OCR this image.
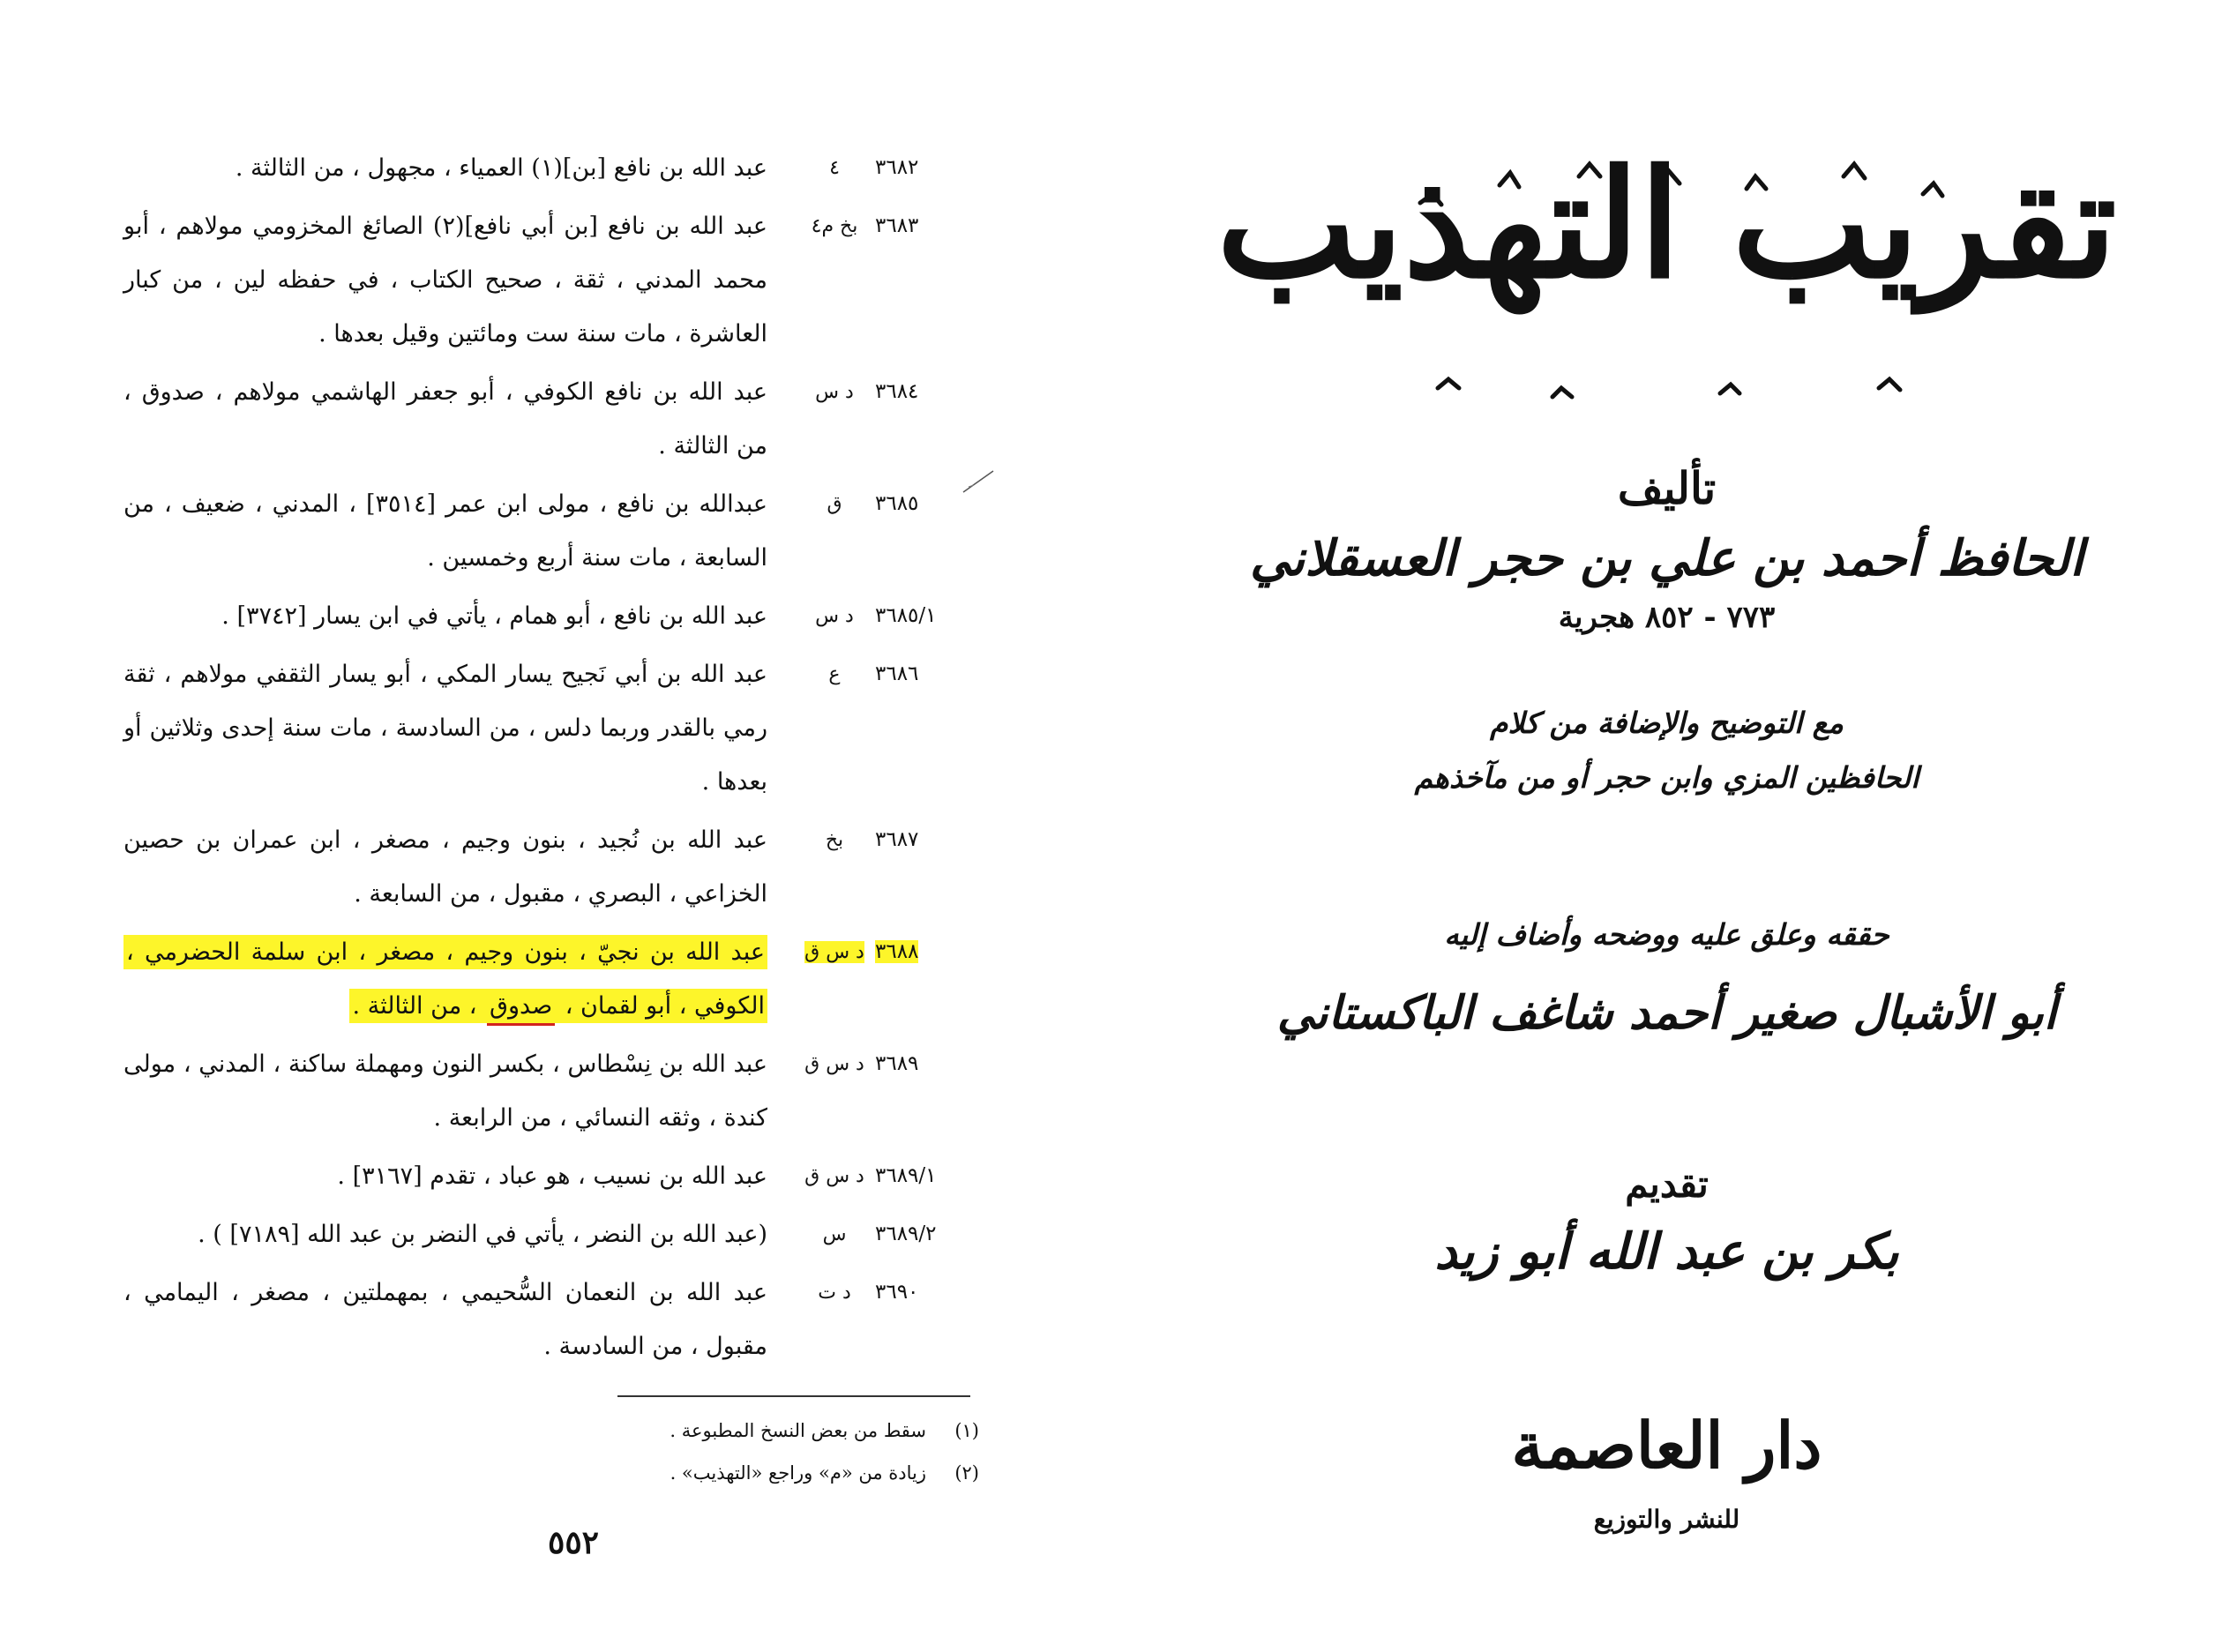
٣٦٨٢
٤
عبد الله بن نافع [بن](١) العمياء ، مجهول ، من الثالثة .
٣٦٨٣
بخ م٤
عبد الله بن نافع [بن أبي نافع](٢) الصائغ المخزومي مولاهم ، أبو محمد المدني ، ثقة ، صحيح الكتاب ، في حفظه لين ، من كبار العاشرة ، مات سنة ست ومائتين وقيل بعدها .
٣٦٨٤
د س
عبد الله بن نافع الكوفي ، أبو جعفر الهاشمي مولاهم ، صدوق ، من الثالثة .
٣٦٨٥
ق
عبدالله بن نافع ، مولى ابن عمر [٣٥١٤] ، المدني ، ضعيف ، من السابعة ، مات سنة أربع وخمسين .
٣٦٨٥/١
د س
عبد الله بن نافع ، أبو همام ، يأتي في ابن يسار [٣٧٤٢] .
٣٦٨٦
ع
عبد الله بن أبي نَجيح يسار المكي ، أبو يسار الثقفي مولاهم ، ثقة رمي بالقدر وربما دلس ، من السادسة ، مات سنة إحدى وثلاثين أو بعدها .
٣٦٨٧
بخ
عبد الله بن نُجيد ، بنون وجيم ، مصغر ، ابن عمران بن حصين الخزاعي ، البصري ، مقبول ، من السابعة .
٣٦٨٨
د س ق
عبد الله بن نجيّ ، بنون وجيم ، مصغر ، ابن سلمة الحضرمي ، الكوفي ، أبو لقمان ، صدوق ، من الثالثة .
٣٦٨٩
د س ق
عبد الله بن نِسْطاس ، بكسر النون ومهملة ساكنة ، المدني ، مولى كندة ، وثقه النسائي ، من الرابعة .
٣٦٨٩/١
د س ق
عبد الله بن نسيب ، هو عباد ، تقدم [٣١٦٧] .
٣٦٨٩/٢
س
(عبد الله بن النضر ، يأتي في النضر بن عبد الله [٧١٨٩] ) .
٣٦٩٠
د ت
عبد الله بن النعمان السُّحيمي ، بمهملتين ، مصغر ، اليمامي ، مقبول ، من السادسة .
(١)
سقط من بعض النسخ المطبوعة .
(٢)
زيادة من «م» وراجع «التهذيب» .
٥٥٢
تقريب التهذيب
تأليف
الحافظ أحمد بن علي بن حجر العسقلاني
٧٧٣ - ٨٥٢ هجرية
مع التوضيح والإضافة من كلام
الحافظين المزي وابن حجر أو من مآخذهم
حققه وعلق عليه ووضحه وأضاف إليه
أبو الأشبال صغير أحمد شاغف الباكستاني
تقديم
بكر بن عبد الله أبو زيد
دار العاصمة
للنشر والتوزيع
